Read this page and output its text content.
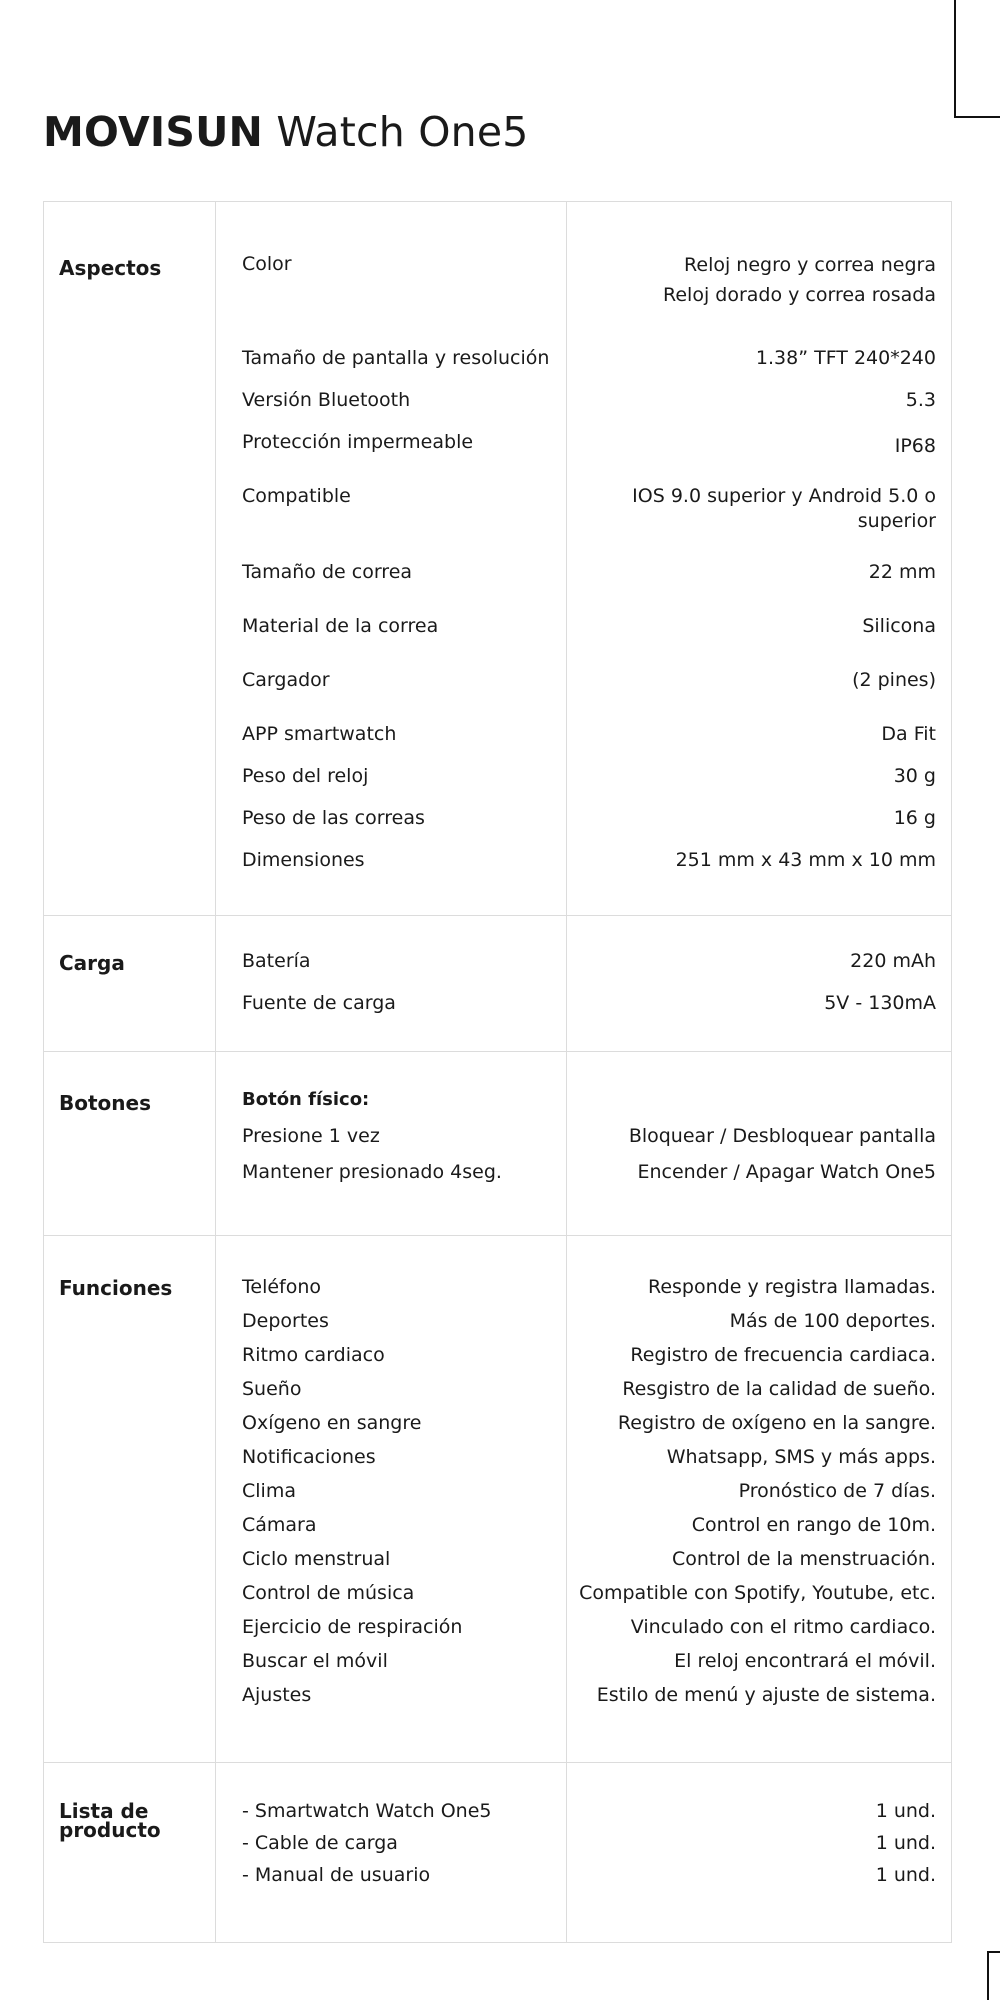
MOVISUN Watch One5
Aspectos	Color	Reloj negro y correa negra
Reloj dorado y correa rosada
Tamaño de pantalla y resolución	1.38” TFT 240*240
Versión Bluetooth	5.3
Protección impermeable	IP68
Compatible	IOS 9.0 superior y Android 5.0 o superior
Tamaño de correa	22 mm
Material de la correa	Silicona
Cargador	(2 pines)
APP smartwatch	Da Fit
Peso del reloj	30 g
Peso de las correas	16 g
Dimensiones	251 mm x 43 mm x 10 mm
Carga	Batería	220 mAh
Fuente de carga	5V - 130mA
Botones	Botón físico:
Presione 1 vez	Bloquear / Desbloquear pantalla
Mantener presionado 4seg.	Encender / Apagar Watch One5
Funciones	Teléfono	Responde y registra llamadas.
Deportes	Más de 100 deportes.
Ritmo cardiaco	Registro de frecuencia cardiaca.
Sueño	Resgistro de la calidad de sueño.
Oxígeno en sangre	Registro de oxígeno en la sangre.
Notificaciones	Whatsapp, SMS y más apps.
Clima	Pronóstico de 7 días.
Cámara	Control en rango de 10m.
Ciclo menstrual	Control de la menstruación.
Control de música	Compatible con Spotify, Youtube, etc.
Ejercicio de respiración	Vinculado con el ritmo cardiaco.
Buscar el móvil	El reloj encontrará el móvil.
Ajustes	Estilo de menú y ajuste de sistema.
Lista de
producto
- Smartwatch Watch One5	1 und.
- Cable de carga	1 und.
- Manual de usuario	1 und.
